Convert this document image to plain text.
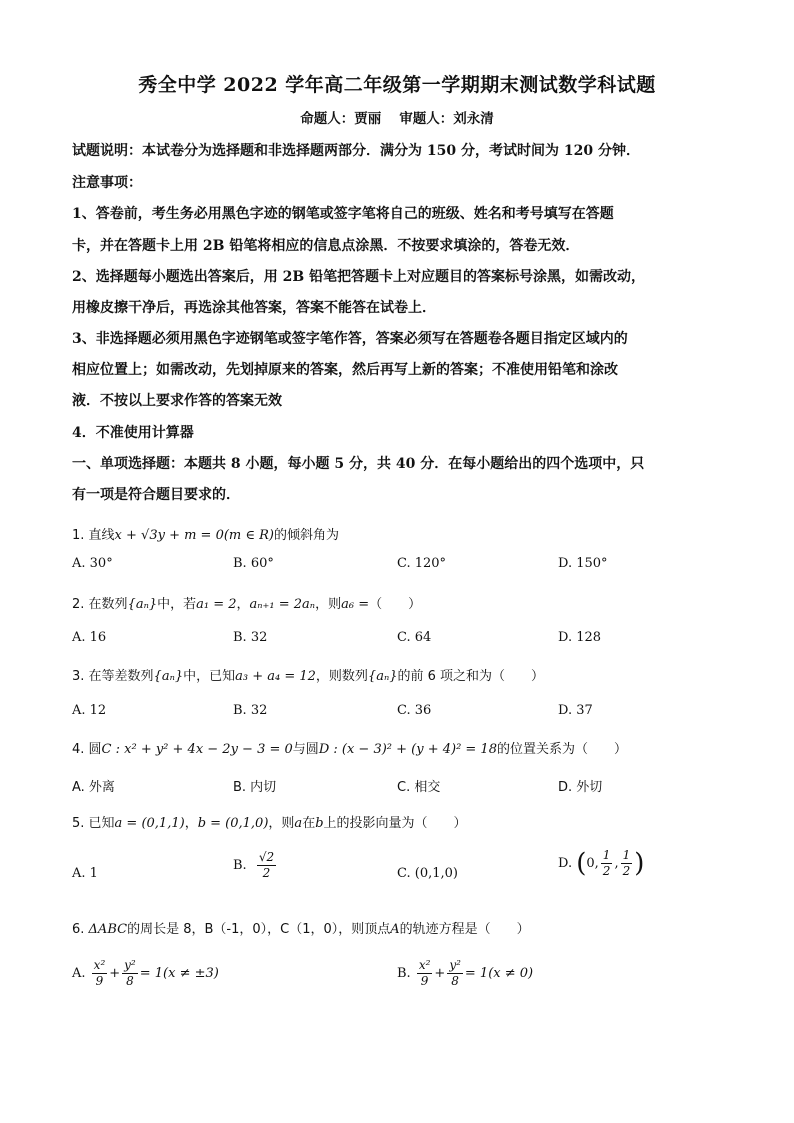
秀全中学 2022 学年高二年级第一学期期末测试数学科试题
命题人：贾丽 审题人：刘永清
试题说明：本试卷分为选择题和非选择题两部分．满分为 150 分，考试时间为 120 分钟．
注意事项：
1、答卷前，考生务必用黑色字迹的钢笔或签字笔将自己的班级、姓名和考号填写在答题
卡，并在答题卡上用 2B 铅笔将相应的信息点涂黑．不按要求填涂的，答卷无效．
2、选择题每小题选出答案后，用 2B 铅笔把答题卡上对应题目的答案标号涂黑，如需改动，
用橡皮擦干净后，再选涂其他答案，答案不能答在试卷上．
3、非选择题必须用黑色字迹钢笔或签字笔作答，答案必须写在答题卷各题目指定区域内的
相应位置上；如需改动，先划掉原来的答案，然后再写上新的答案；不准使用铅笔和涂改
液．不按以上要求作答的答案无效
4．不准使用计算器
一、单项选择题：本题共 8 小题，每小题 5 分，共 40 分．在每小题给出的四个选项中，只
有一项是符合题目要求的．
1. 直线x + √3y + m = 0(m ∈ R)的倾斜角为
A. 30°	B. 60°	C. 120°	D. 150°
2. 在数列{aₙ}中，若a₁ = 2，aₙ₊₁ = 2aₙ，则a₆ =（　　）
A. 16	B. 32	C. 64	D. 128
3. 在等差数列{aₙ}中，已知a₃ + a₄ = 12，则数列{aₙ}的前 6 项之和为（　　）
A. 12	B. 32	C. 36	D. 37
4. 圆C : x² + y² + 4x − 2y − 3 = 0与圆D : (x − 3)² + (y + 4)² = 18的位置关系为（　　）
A. 外离	B. 内切	C. 相交	D. 外切
5. 已知a = (0,1,1)，b = (0,1,0)，则a在b上的投影向量为（　　）
A. 1
B. $\frac{√2}{2}$	C. (0,1,0)
D. (0, $\frac{1}{2}$ , $\frac{1}{2}$ )
6. ΔABC的周长是 8，B（-1，0），C（1，0），则顶点A的轨迹方程是（　　）
A. $\frac{\text{x²}}{9} + \frac{\text{y²}}{8} = 1(x \ne \pm 3)$	B. $\frac{\text{x²}}{9} + \frac{\text{y²}}{8} = 1(x \ne 0)$
